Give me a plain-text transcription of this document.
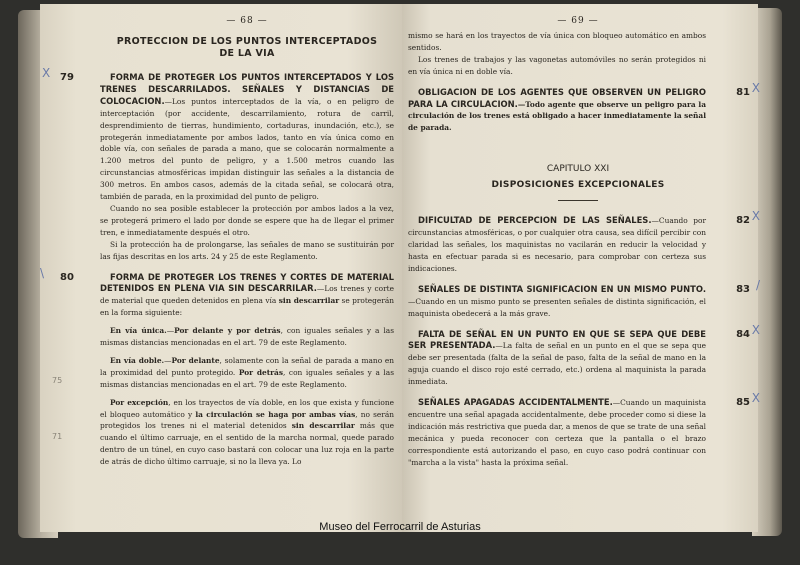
— 68 —
PROTECCION DE LOS PUNTOS INTERCEPTADOS
DE LA VIA
X 79	FORMA DE PROTEGER LOS PUNTOS INTERCEPTADOS Y LOS TRENES DESCARRILADOS. SEÑALES Y DISTANCIAS DE COLOCACION.—Los puntos interceptados de la vía, o en peligro de interceptación (por accidente, descarrilamiento, rotura de carril, desprendimiento de tierras, hundimiento, cortaduras, inundación, etc.), se protegerán inmediatamente por ambos lados, tanto en vía única como en doble vía, con señales de parada a mano, que se colocarán normalmente a 1.200 metros del punto de peligro, y a 1.500 metros cuando las circunstancias atmosféricas impidan distinguir las señales a la distancia de 300 metros. En ambos casos, además de la citada señal, se colocará otra, también de parada, en la proximidad del punto de peligro.

Cuando no sea posible establecer la protección por ambos lados a la vez, se protegerá primero el lado por donde se espere que ha de llegar el primer tren, e inmediatamente después el otro.

Si la protección ha de prolongarse, las señales de mano se sustituirán por las fijas descritas en los arts. 24 y 25 de este Reglamento.

\ 80	FORMA DE PROTEGER LOS TRENES Y CORTES DE MATERIAL DETENIDOS EN PLENA VIA SIN DESCARRILAR.—Los trenes y corte de material que queden detenidos en plena vía sin descarrilar se protegerán en la forma siguiente:

En vía única.—Por delante y por detrás, con iguales señales y a las mismas distancias mencionadas en el art. 79 de este Reglamento.

En vía doble.—Por delante, solamente con la señal de parada a mano en la proximidad del punto protegido. Por detrás, con iguales señales y a las mismas distancias mencionadas en el art. 79 de este Reglamento.

Por excepción, en los trayectos de vía doble, en los que exista y funcione el bloqueo automático y la circulación se haga por ambas vías, no serán protegidos los trenes ni el material detenidos sin descarrilar más que cuando el último carruaje, en el sentido de la marcha normal, quede parado dentro de un túnel, en cuyo caso bastará con colocar una luz roja en la parte de atrás de dicho último carruaje, si no la lleva ya. Lo

75
71
— 69 —

mismo se hará en los trayectos de vía única con bloqueo automático en ambos sentidos.

Los trenes de trabajos y las vagonetas automóviles no serán protegidos ni en vía única ni en doble vía.

81 X

OBLIGACION DE LOS AGENTES QUE OBSERVEN UN PELIGRO PARA LA CIRCULACION.—Todo agente que observe un peligro para la circulación de los trenes está obligado a hacer inmediatamente la señal de parada.

CAPITULO XXI
DISPOSICIONES EXCEPCIONALES
82 X

DIFICULTAD DE PERCEPCION DE LAS SEÑALES.—Cuando por circunstancias atmosféricas, o por cualquier otra causa, sea difícil percibir con claridad las señales, los maquinistas no vacilarán en reducir la velocidad y hasta en efectuar parada si es necesario, para comprobar con certeza sus indicaciones.

83 /

SEÑALES DE DISTINTA SIGNIFICACION EN UN MISMO PUNTO.—Cuando en un mismo punto se presenten señales de distinta significación, el maquinista obedecerá a la más grave.

84 X

FALTA DE SEÑAL EN UN PUNTO EN QUE SE SEPA QUE DEBE SER PRESENTADA.—La falta de señal en un punto en el que se sepa que debe ser presentada (falta de la señal de paso, falta de la señal de mano en la aguja cuando el disco rojo esté cerrado, etc.) ordena al maquinista la parada inmediata.

85 X

SEÑALES APAGADAS ACCIDENTALMENTE.—Cuando un maquinista encuentre una señal apagada accidentalmente, debe proceder como si diese la indicación más restrictiva que pueda dar, a menos de que se trate de una señal mecánica y pueda reconocer con certeza que la pantalla o el brazo correspondiente está autorizando el paso, en cuyo caso podrá continuar con "marcha a la vista" hasta la próxima señal.

Museo del Ferrocarril de Asturias
